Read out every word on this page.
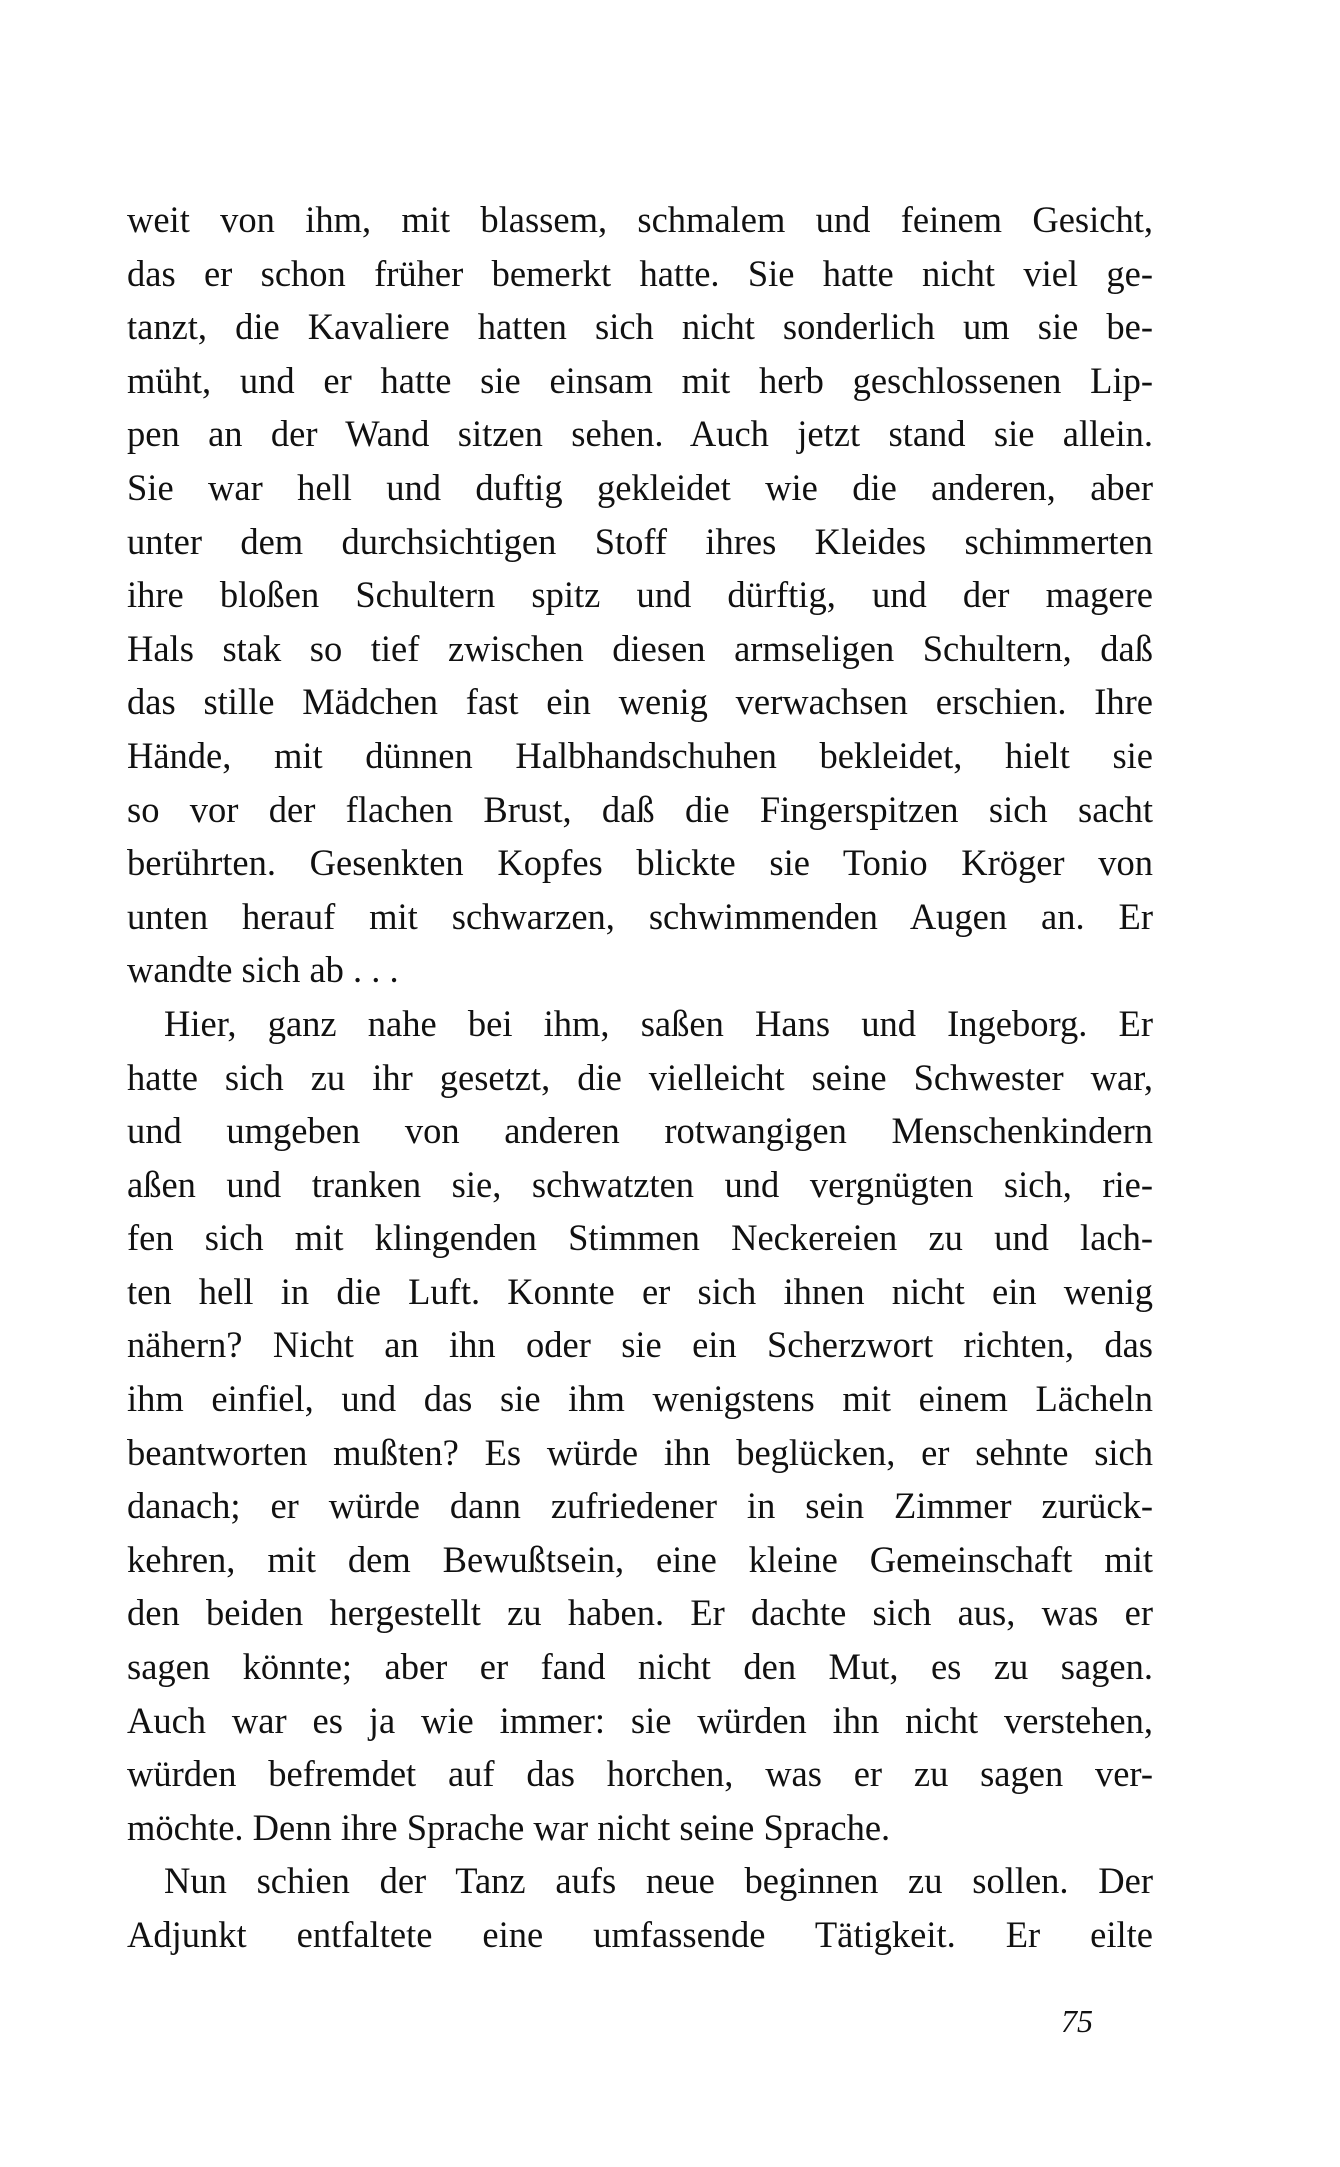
weit von ihm, mit blassem, schmalem und feinem Gesicht,
das er schon früher bemerkt hatte. Sie hatte nicht viel ge-
tanzt, die Kavaliere hatten sich nicht sonderlich um sie be-
müht, und er hatte sie einsam mit herb geschlossenen Lip-
pen an der Wand sitzen sehen. Auch jetzt stand sie allein.
Sie war hell und duftig gekleidet wie die anderen, aber
unter dem durchsichtigen Stoff ihres Kleides schimmerten
ihre bloßen Schultern spitz und dürftig, und der magere
Hals stak so tief zwischen diesen armseligen Schultern, daß
das stille Mädchen fast ein wenig verwachsen erschien. Ihre
Hände, mit dünnen Halbhandschuhen bekleidet, hielt sie
so vor der flachen Brust, daß die Fingerspitzen sich sacht
berührten. Gesenkten Kopfes blickte sie Tonio Kröger von
unten herauf mit schwarzen, schwimmenden Augen an. Er
wandte sich ab . . .
Hier, ganz nahe bei ihm, saßen Hans und Ingeborg. Er
hatte sich zu ihr gesetzt, die vielleicht seine Schwester war,
und umgeben von anderen rotwangigen Menschenkindern
aßen und tranken sie, schwatzten und vergnügten sich, rie-
fen sich mit klingenden Stimmen Neckereien zu und lach-
ten hell in die Luft. Konnte er sich ihnen nicht ein wenig
nähern? Nicht an ihn oder sie ein Scherzwort richten, das
ihm einfiel, und das sie ihm wenigstens mit einem Lächeln
beantworten mußten? Es würde ihn beglücken, er sehnte sich
danach; er würde dann zufriedener in sein Zimmer zurück-
kehren, mit dem Bewußtsein, eine kleine Gemeinschaft mit
den beiden hergestellt zu haben. Er dachte sich aus, was er
sagen könnte; aber er fand nicht den Mut, es zu sagen.
Auch war es ja wie immer: sie würden ihn nicht verstehen,
würden befremdet auf das horchen, was er zu sagen ver-
möchte. Denn ihre Sprache war nicht seine Sprache.
Nun schien der Tanz aufs neue beginnen zu sollen. Der
Adjunkt entfaltete eine umfassende Tätigkeit. Er eilte
75
